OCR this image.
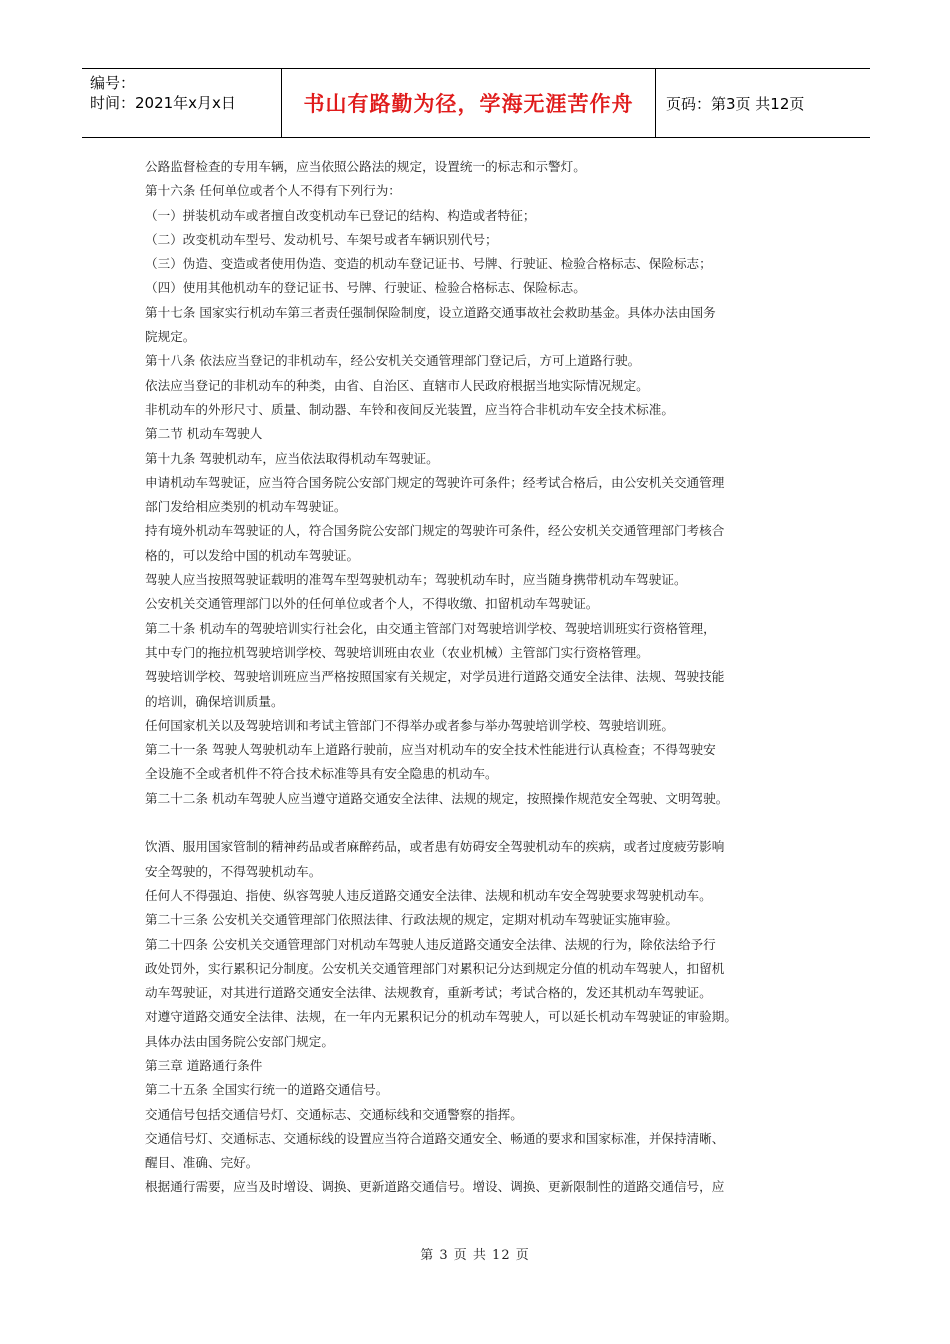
编号：
时间：2021年x月x日	书山有路勤为径，学海无涯苦作舟	页码：第3页 共12页
公路监督检查的专用车辆，应当依照公路法的规定，设置统一的标志和示警灯。
第十六条 任何单位或者个人不得有下列行为：
（一）拼装机动车或者擅自改变机动车已登记的结构、构造或者特征；
（二）改变机动车型号、发动机号、车架号或者车辆识别代号；
（三）伪造、变造或者使用伪造、变造的机动车登记证书、号牌、行驶证、检验合格标志、保险标志；
（四）使用其他机动车的登记证书、号牌、行驶证、检验合格标志、保险标志。
第十七条 国家实行机动车第三者责任强制保险制度，设立道路交通事故社会救助基金。具体办法由国务
院规定。
第十八条 依法应当登记的非机动车，经公安机关交通管理部门登记后，方可上道路行驶。
依法应当登记的非机动车的种类，由省、自治区、直辖市人民政府根据当地实际情况规定。
非机动车的外形尺寸、质量、制动器、车铃和夜间反光装置，应当符合非机动车安全技术标准。
第二节 机动车驾驶人
第十九条 驾驶机动车，应当依法取得机动车驾驶证。
申请机动车驾驶证，应当符合国务院公安部门规定的驾驶许可条件；经考试合格后，由公安机关交通管理
部门发给相应类别的机动车驾驶证。
持有境外机动车驾驶证的人，符合国务院公安部门规定的驾驶许可条件，经公安机关交通管理部门考核合
格的，可以发给中国的机动车驾驶证。
驾驶人应当按照驾驶证载明的准驾车型驾驶机动车；驾驶机动车时，应当随身携带机动车驾驶证。
公安机关交通管理部门以外的任何单位或者个人，不得收缴、扣留机动车驾驶证。
第二十条 机动车的驾驶培训实行社会化，由交通主管部门对驾驶培训学校、驾驶培训班实行资格管理，
其中专门的拖拉机驾驶培训学校、驾驶培训班由农业（农业机械）主管部门实行资格管理。
驾驶培训学校、驾驶培训班应当严格按照国家有关规定，对学员进行道路交通安全法律、法规、驾驶技能
的培训，确保培训质量。
任何国家机关以及驾驶培训和考试主管部门不得举办或者参与举办驾驶培训学校、驾驶培训班。
第二十一条 驾驶人驾驶机动车上道路行驶前，应当对机动车的安全技术性能进行认真检查；不得驾驶安
全设施不全或者机件不符合技术标准等具有安全隐患的机动车。
第二十二条 机动车驾驶人应当遵守道路交通安全法律、法规的规定，按照操作规范安全驾驶、文明驾驶。
饮酒、服用国家管制的精神药品或者麻醉药品，或者患有妨碍安全驾驶机动车的疾病，或者过度疲劳影响
安全驾驶的，不得驾驶机动车。
任何人不得强迫、指使、纵容驾驶人违反道路交通安全法律、法规和机动车安全驾驶要求驾驶机动车。
第二十三条 公安机关交通管理部门依照法律、行政法规的规定，定期对机动车驾驶证实施审验。
第二十四条 公安机关交通管理部门对机动车驾驶人违反道路交通安全法律、法规的行为，除依法给予行
政处罚外，实行累积记分制度。公安机关交通管理部门对累积记分达到规定分值的机动车驾驶人，扣留机
动车驾驶证，对其进行道路交通安全法律、法规教育，重新考试；考试合格的，发还其机动车驾驶证。
对遵守道路交通安全法律、法规，在一年内无累积记分的机动车驾驶人，可以延长机动车驾驶证的审验期。
具体办法由国务院公安部门规定。
第三章 道路通行条件
第二十五条 全国实行统一的道路交通信号。
交通信号包括交通信号灯、交通标志、交通标线和交通警察的指挥。
交通信号灯、交通标志、交通标线的设置应当符合道路交通安全、畅通的要求和国家标准，并保持清晰、
醒目、准确、完好。
根据通行需要，应当及时增设、调换、更新道路交通信号。增设、调换、更新限制性的道路交通信号，应
第 3 页 共 12 页
